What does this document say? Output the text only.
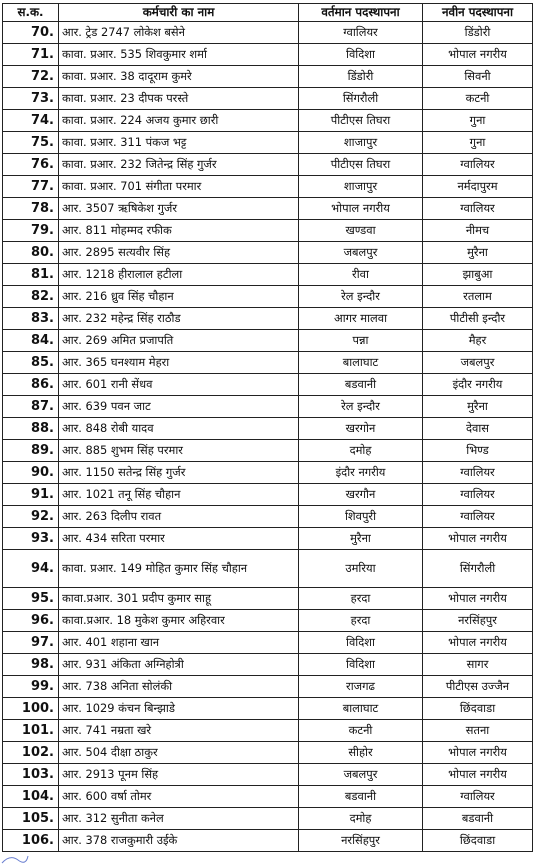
स.क.	कर्मचारी का नाम	वर्तमान पदस्थापना	नवीन पदस्थापना
70.	आर. ट्रेड 2747 लोकेश बसेने	ग्वालियर	डिंडोरी
71.	कावा. प्रआर. 535 शिवकुमार शर्मा	विदिशा	भोपाल नगरीय
72.	कावा. प्रआर. 38 दादूराम कुमरे	डिंडोरी	सिवनी
73.	कावा. प्रआर. 23 दीपक परस्ते	सिंगरौली	कटनी
74.	कावा. प्रआर. 224 अजय कुमार छारी	पीटीएस तिघरा	गुना
75.	कावा. प्रआर. 311 पंकज भट्ट	शाजापुर	गुना
76.	कावा. प्रआर. 232 जितेन्द्र सिंह गुर्जर	पीटीएस तिघरा	ग्वालियर
77.	कावा. प्रआर. 701 संगीता परमार	शाजापुर	नर्मदापुरम
78.	आर. 3507 ऋषिकेश गुर्जर	भोपाल नगरीय	ग्वालियर
79.	आर. 811 मोहम्मद रफीक	खण्डवा	नीमच
80.	आर. 2895 सत्यवीर सिंह	जबलपुर	मुरैना
81.	आर. 1218 हीरालाल हटीला	रीवा	झाबुआ
82.	आर. 216 ध्रुव सिंह चौहान	रेल इन्दौर	रतलाम
83.	आर. 232 महेन्द्र सिंह राठौड	आगर मालवा	पीटीसी इन्दौर
84.	आर. 269 अमित प्रजापति	पन्ना	मैहर
85.	आर. 365 घनश्याम मेहरा	बालाघाट	जबलपुर
86.	आर. 601 रानी सेंधव	बडवानी	इंदौर नगरीय
87.	आर. 639 पवन जाट	रेल इन्दौर	मुरैना
88.	आर. 848 रोबी यादव	खरगोन	देवास
89.	आर. 885 शुभम सिंह परमार	दमोह	भिण्ड
90.	आर. 1150 सतेन्द्र सिंह गुर्जर	इंदौर नगरीय	ग्वालियर
91.	आर. 1021 तनू सिंह चौहान	खरगौन	ग्वालियर
92.	आर. 263 दिलीप रावत	शिवपुरी	ग्वालियर
93.	आर. 434 सरिता परमार	मुरैना	भोपाल नगरीय
94.	कावा. प्रआर. 149 मोहित कुमार सिंह चौहान	उमरिया	सिंगरौली
95.	कावा.प्रआर. 301 प्रदीप कुमार साहू	हरदा	भोपाल नगरीय
96.	कावा.प्रआर. 18 मुकेश कुमार अहिरवार	हरदा	नरसिंहपुर
97.	आर. 401 शहाना खान	विदिशा	भोपाल नगरीय
98.	आर. 931 अंकिता अग्निहोत्री	विदिशा	सागर
99.	आर. 738 अनिता सोलंकी	राजगढ	पीटीएस उज्जैन
100.	आर. 1029 कंचन बिन्झाडे	बालाघाट	छिंदवाडा
101.	आर. 741 नम्रता खरे	कटनी	सतना
102.	आर. 504 दीक्षा ठाकुर	सीहोर	भोपाल नगरीय
103.	आर. 2913 पूनम सिंह	जबलपुर	भोपाल नगरीय
104.	आर. 600 वर्षा तोमर	बडवानी	ग्वालियर
105.	आर. 312 सुनीता कनेल	दमोह	बडवानी
106.	आर. 378 राजकुमारी उईके	नरसिंहपुर	छिंदवाडा
